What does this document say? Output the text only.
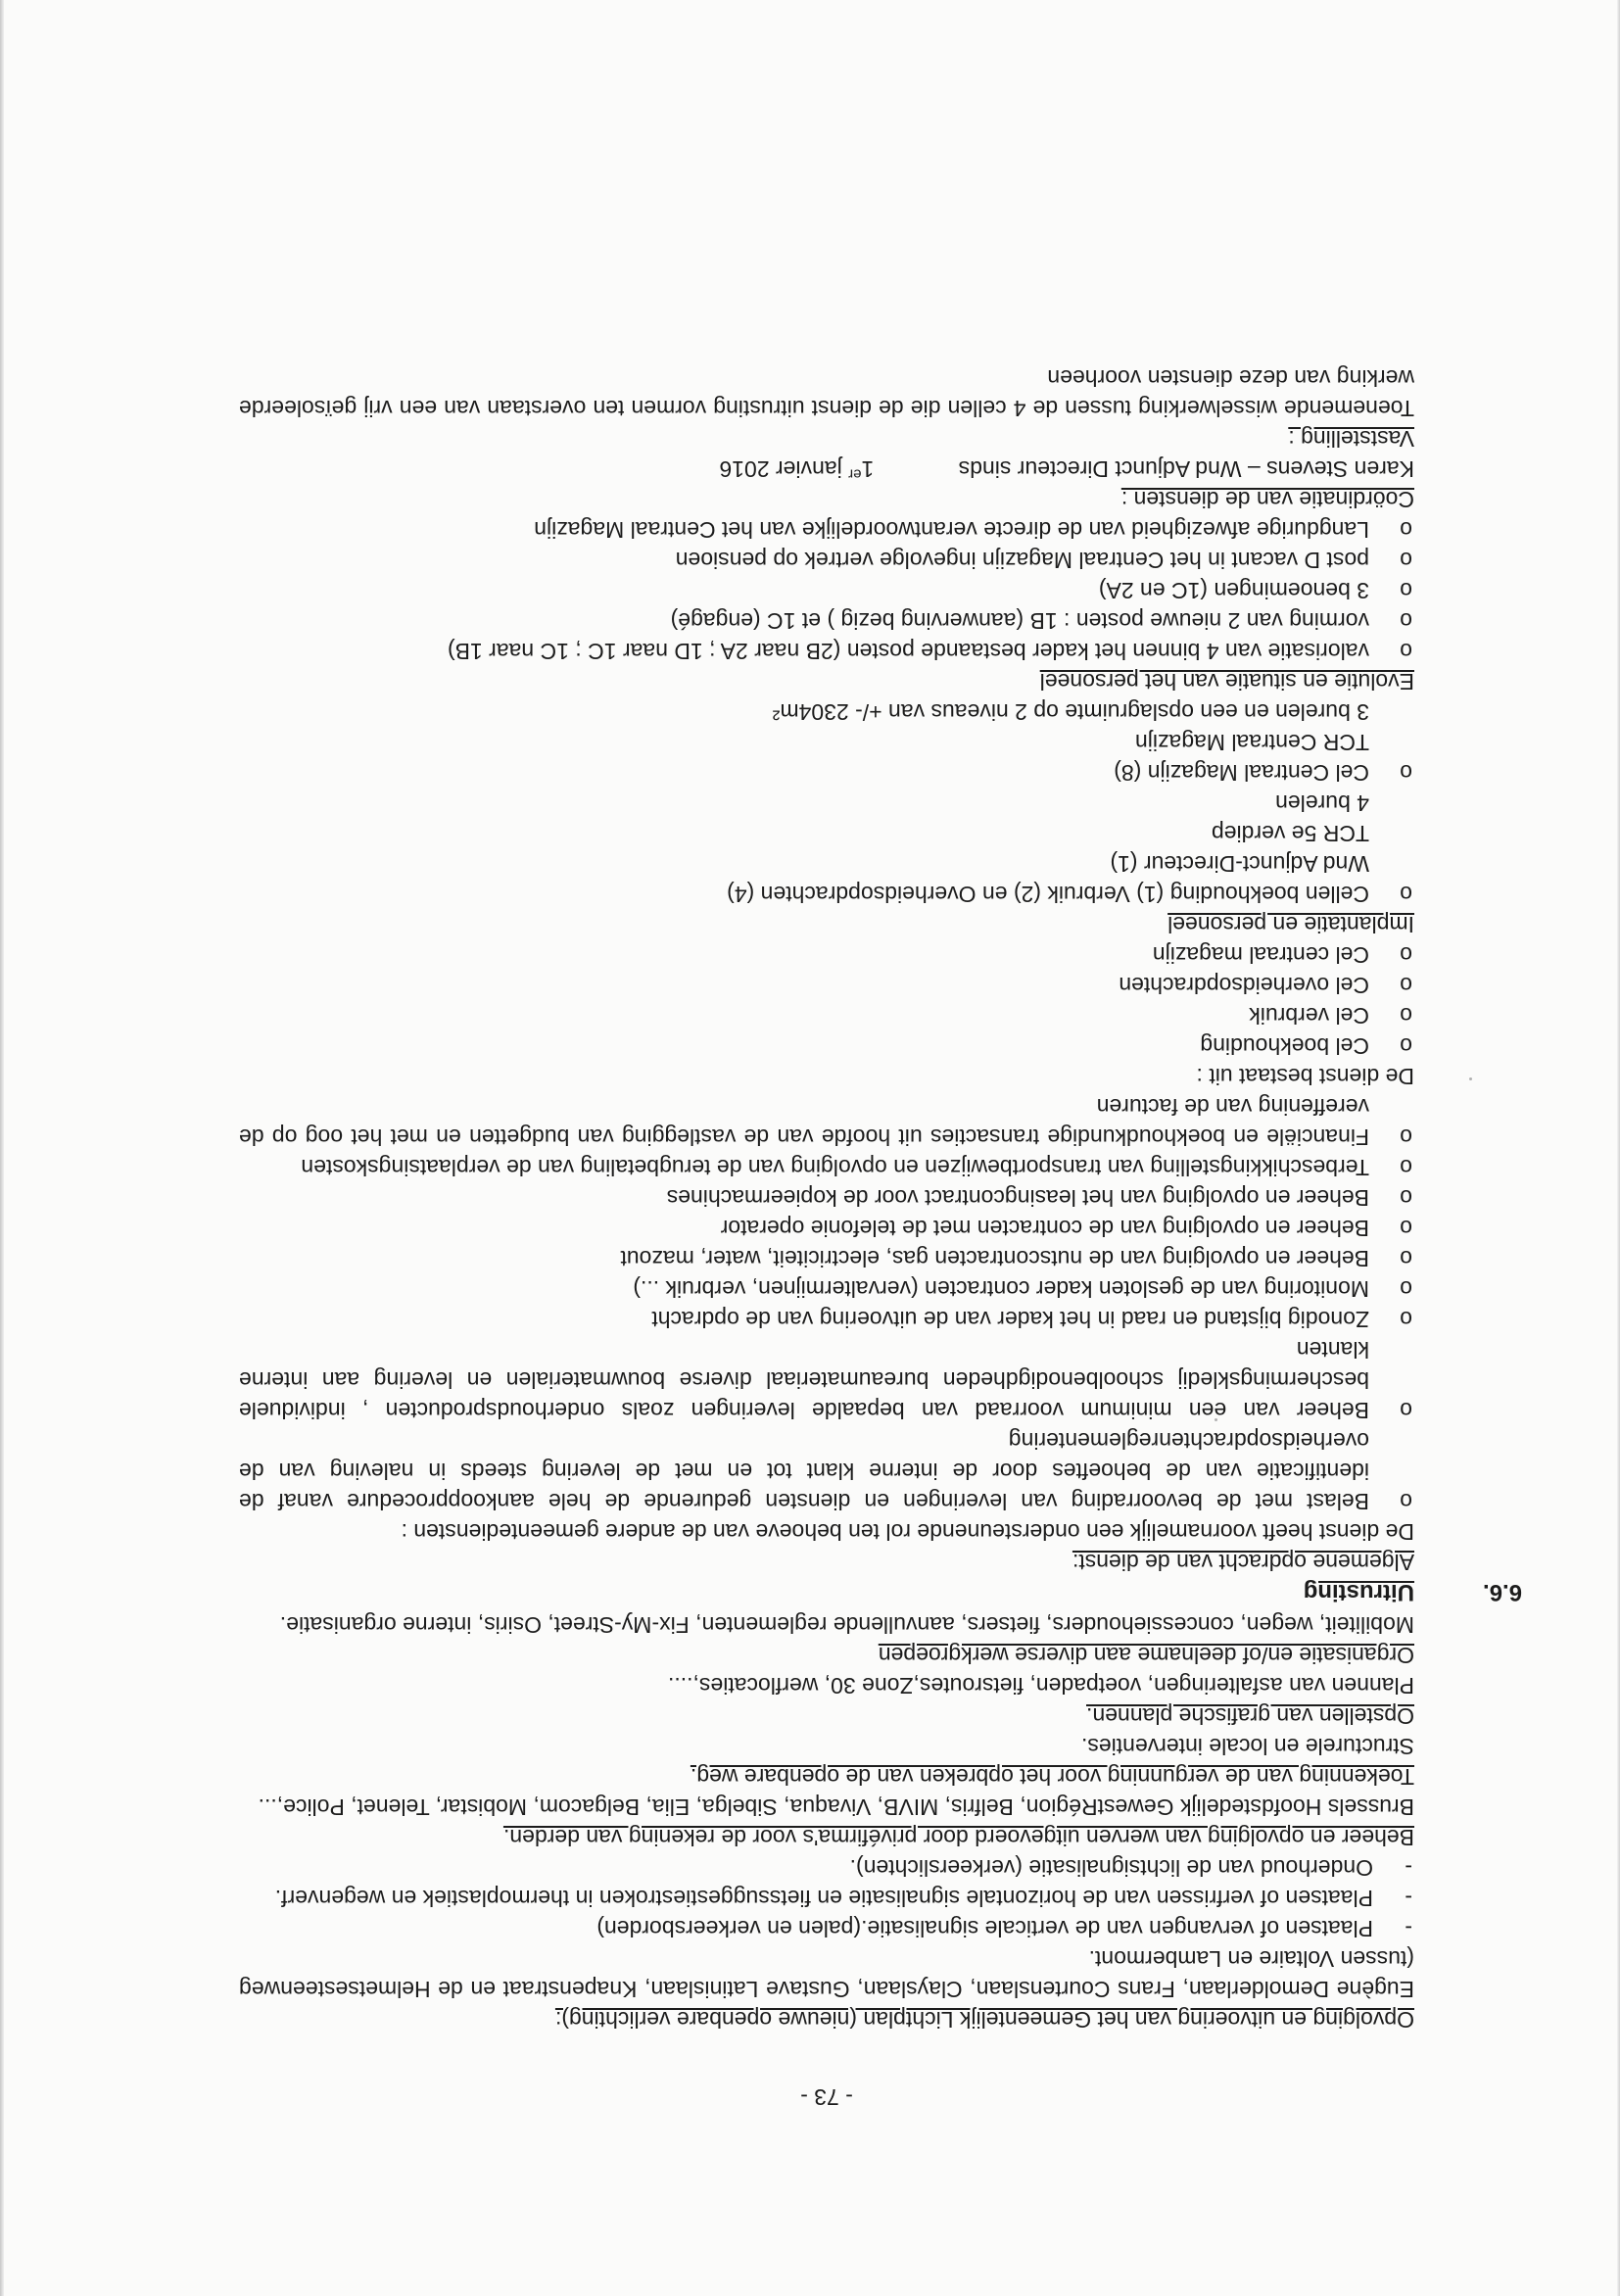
- 73 -

Opvolging en uitvoering van het Gemeentelijk Lichtplan (nieuwe openbare verlichting):

Eugène Demolderlaan, Frans Courtenslaan, Clayslaan, Gustave Latinislaan, Knapenstraat en de Helmetsesteenweg (tussen Voltaire en Lambermont.

-
Plaatsen of vervangen van de verticale signalisatie.(palen en verkeersborden)
-
Plaatsen of verfrissen van de horizontale signalisatie en fietssuggestiestroken in thermoplastiek en wegenverf.
-
Onderhoud van de lichtsignalisatie (verkeerslichten).

Beheer en opvolging van werven uitgevoerd door privéfirma's voor de rekening van derden.

Brussels Hoofdstedelijk GewestRégion, Belfris, MIVB, Vivaqua, Sibelga, Elia, Belgacom, Mobistar, Telenet, Police,...

Toekenning van de vergunning voor het opbreken van de openbare weg.

Structurele en locale interventies.

Opstellen van grafische plannen.

Plannen van asfalteringen, voetpaden, fietsroutes,Zone 30, werflocaties,....

Organisatie en/of deelname aan diverse werkgroepen

Mobiliteit, wegen, concessiehouders, fietsers, aanvullende reglementen, Fix-My-Street, Osiris, interne organisatie.

6.6.
Uitrusting

Algemene opdracht van de dienst:

De dienst heeft voornamelijk een ondersteunende rol ten behoeve van de andere gemeentediensten :

o
Belast met de bevoorrading van leveringen en diensten gedurende de hele aankoopprocedure vanaf de identificatie van de behoeftes door de interne klant tot en met de levering steeds in naleving van de overheidsopdrachtenreglementering
o
Beheer van een minimum voorraad van bepaalde leveringen zoals onderhoudsproducten , individuele beschermingskledij schoolbenodigdheden bureaumateriaal diverse bouwmaterialen en levering aan interne klanten
o
Zonodig bijstand en raad in het kader van de uitvoering van de opdracht
o
Monitoring van de gesloten kader contracten (vervaltermijnen, verbruik ...)
o
Beheer en opvolging van de nutscontracten gas, electriciteit, water, mazout
o
Beheer en opvolging van de contracten met de telefonie operator
o
Beheer en opvolging van het leasingcontract voor de kopieermachines
o
Terbeschikkingstelling van transportbewijzen en opvolging van de terugbetaling van de verplaatsingskosten
o
Financiële en boekhoudkundige transacties uit hoofde van de vastlegging van budgetten en met het oog op de vereffening van de facturen

De dienst bestaat uit :

o
Cel boekhouding
o
Cel verbruik
o
Cel overheidsopdrachten
o
Cel centraal magazijn

Implantatie en personeel

o
Cellen boekhouding (1) Verbruik (2) en Overheidsopdrachten (4)
Wnd Adjunct-Directeur (1)
TCR 5e verdiep
4 burelen
o
Cel Centraal Magazijn (8)
TCR Centraal Magazijn
3 burelen en een opslagruimte op 2 niveaus van +/- 2304m²

Evolutie en situatie van het personeel

o
valorisatie van 4 binnen het kader bestaande posten (2B naar 2A ; 1D naar 1C ; 1C naar 1B)
o
vorming van 2 nieuwe posten : 1B (aanwerving bezig ) et 1C (engagé)
o
3 benoemingen (1C en 2A)
o
post D vacant in het Centraal Magazijn ingevolge vertrek op pensioen
o
Langdurige afwezigheid van de directe verantwoordelijke van het Centraal Magazijn

Coördinatie van de diensten :

Karen Stevens – Wnd Adjunct Directeur sinds 1er janvier 2016

Vaststelling :

Toenemende wisselwerking tussen de 4 cellen die de dienst uitrusting vormen ten overstaan van een vrij geïsoleerde werking van deze diensten voorheen
